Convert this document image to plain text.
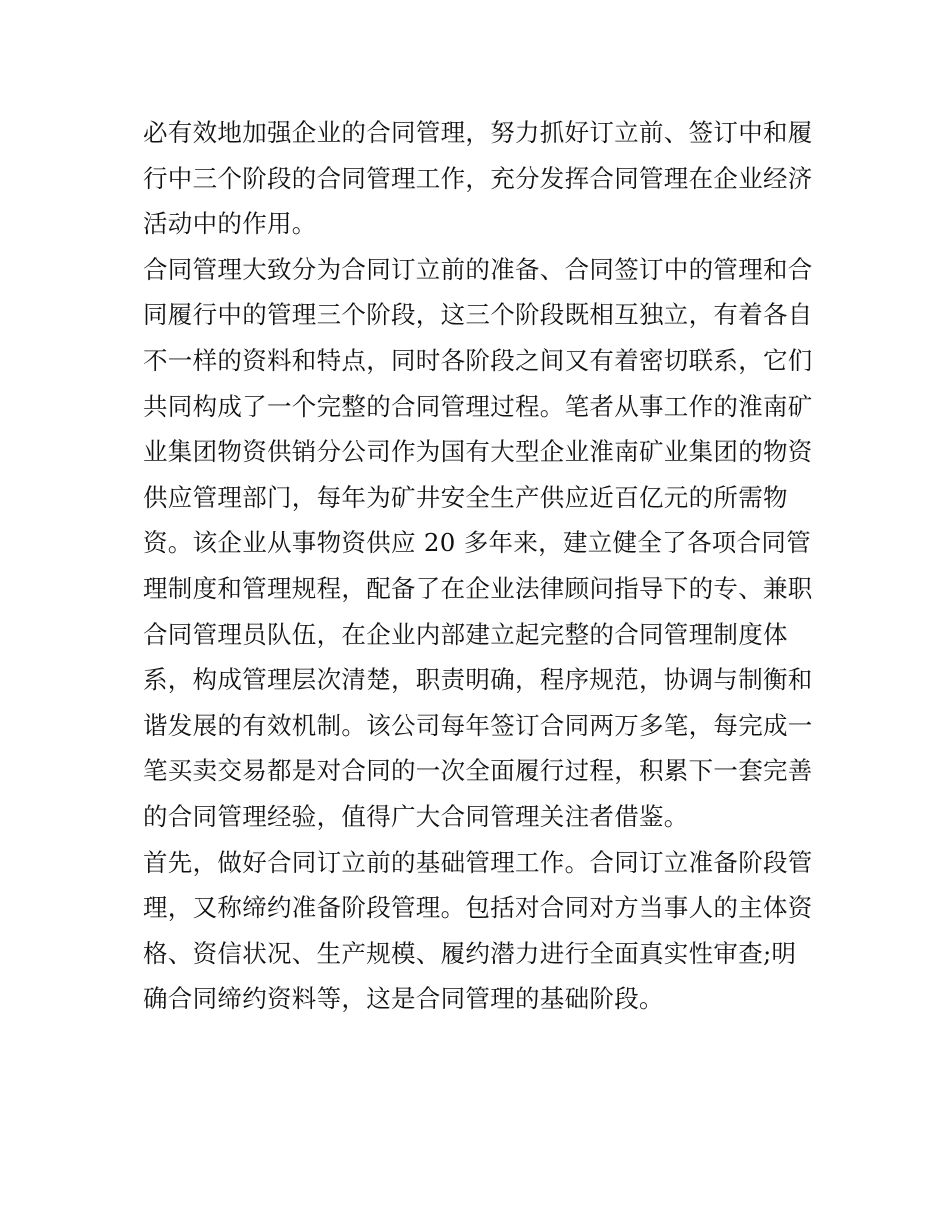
必有效地加强企业的合同管理，努力抓好订立前、签订中和履
行中三个阶段的合同管理工作，充分发挥合同管理在企业经济
活动中的作用。
合同管理大致分为合同订立前的准备、合同签订中的管理和合
同履行中的管理三个阶段，这三个阶段既相互独立，有着各自
不一样的资料和特点，同时各阶段之间又有着密切联系，它们
共同构成了一个完整的合同管理过程。笔者从事工作的淮南矿
业集团物资供销分公司作为国有大型企业淮南矿业集团的物资
供应管理部门，每年为矿井安全生产供应近百亿元的所需物
资。该企业从事物资供应 20 多年来，建立健全了各项合同管
理制度和管理规程，配备了在企业法律顾问指导下的专、兼职
合同管理员队伍，在企业内部建立起完整的合同管理制度体
系，构成管理层次清楚，职责明确，程序规范，协调与制衡和
谐发展的有效机制。该公司每年签订合同两万多笔，每完成一
笔买卖交易都是对合同的一次全面履行过程，积累下一套完善
的合同管理经验，值得广大合同管理关注者借鉴。
首先，做好合同订立前的基础管理工作。合同订立准备阶段管
理，又称缔约准备阶段管理。包括对合同对方当事人的主体资
格、资信状况、生产规模、履约潜力进行全面真实性审查;明
确合同缔约资料等，这是合同管理的基础阶段。
